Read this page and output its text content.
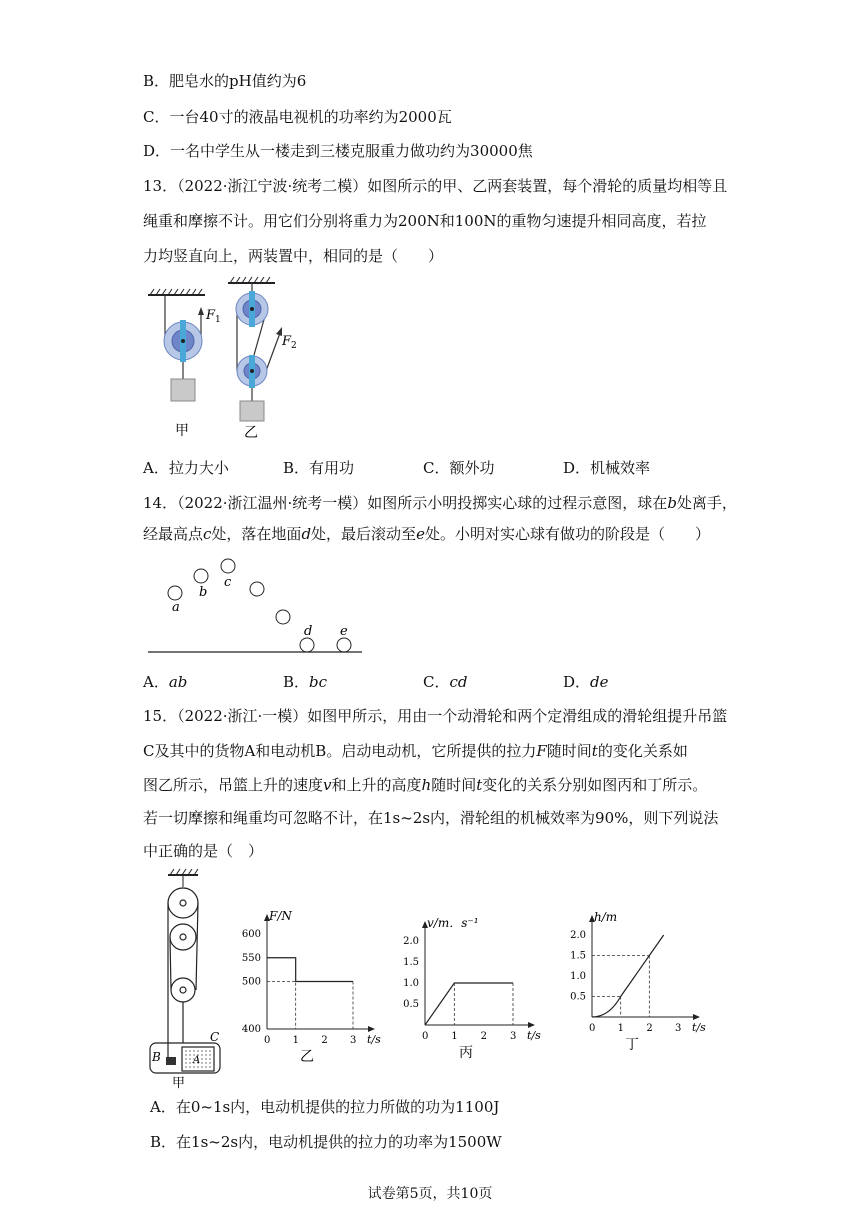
B．肥皂水的pH值约为6
C．一台40寸的液晶电视机的功率约为2000瓦
D．一名中学生从一楼走到三楼克服重力做功约为30000焦
13．（2022·浙江宁波·统考二模）如图所示的甲、乙两套装置，每个滑轮的质量均相等且
绳重和摩擦不计。用它们分别将重力为200N和100N的重物匀速提升相同高度，若拉
力均竖直向上，两装置中，相同的是（　　）
$F_1$
甲
$F_2$
乙
A．拉力大小	B．有用功	C．额外功	D．机械效率
14．（2022·浙江温州·统考一模）如图所示小明投掷实心球的过程示意图，球在b处离手，
经最高点c处，落在地面d处，最后滚动至e处。小明对实心球有做功的阶段是（　　）
a
b
c
d e
A．ab	B．bc	C．cd	D．de
15．（2022·浙江·一模）如图甲所示，用由一个动滑轮和两个定滑组成的滑轮组提升吊篮
C及其中的货物A和电动机B。启动电动机，它所提供的拉力F随时间t的变化关系如
图乙所示，吊篮上升的速度v和上升的高度h随时间t变化的关系分别如图丙和丁所示。
若一切摩擦和绳重均可忽略不计，在1s~2s内，滑轮组的机械效率为90%，则下列说法
中正确的是（　）
B
C
A
甲
0 1 2 3
400
500
550
600
t/s
F/N
乙
0 1 2 3
0.5
1.0
1.5
2.0
t/s
v/m．s⁻¹
丙
0 1 2 3
0.5
1.0
1.5
2.0
t/s
h/m
丁
A．在0~1s内，电动机提供的拉力所做的功为1100J
B．在1s~2s内，电动机提供的拉力的功率为1500W
试卷第5页，共10页
